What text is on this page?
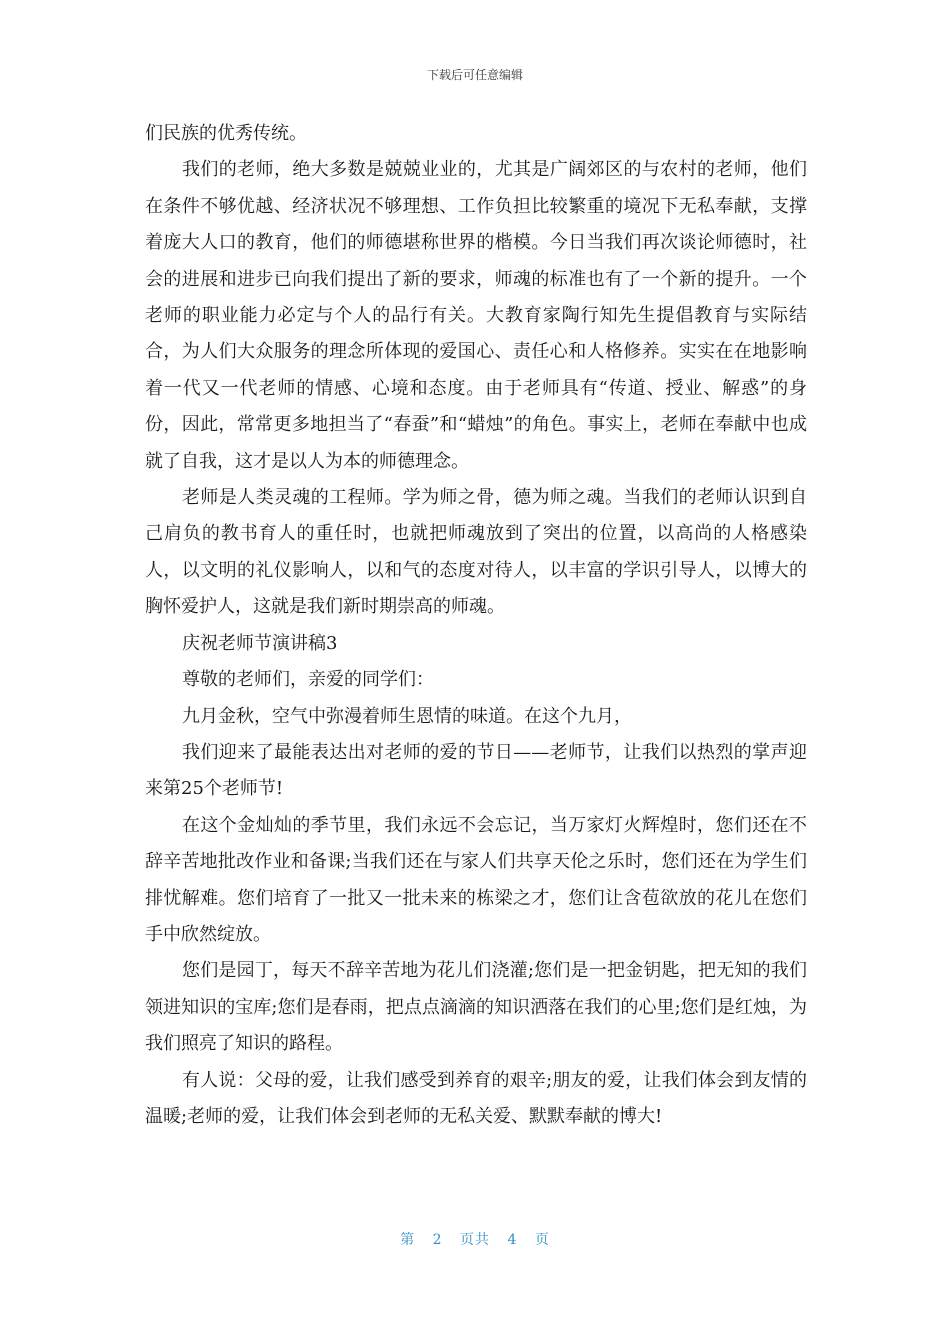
下载后可任意编辑

们民族的优秀传统。

我们的老师，绝大多数是兢兢业业的，尤其是广阔郊区的与农村的老师，他们在条件不够优越、经济状况不够理想、工作负担比较繁重的境况下无私奉献，支撑着庞大人口的教育，他们的师德堪称世界的楷模。今日当我们再次谈论师德时，社会的进展和进步已向我们提出了新的要求，师魂的标准也有了一个新的提升。一个老师的职业能力必定与个人的品行有关。大教育家陶行知先生提倡教育与实际结合，为人们大众服务的理念所体现的爱国心、责任心和人格修养。实实在在地影响着一代又一代老师的情感、心境和态度。由于老师具有“传道、授业、解惑”的身份，因此，常常更多地担当了“春蚕”和“蜡烛”的角色。事实上，老师在奉献中也成就了自我，这才是以人为本的师德理念。

老师是人类灵魂的工程师。学为师之骨，德为师之魂。当我们的老师认识到自己肩负的教书育人的重任时，也就把师魂放到了突出的位置，以高尚的人格感染人，以文明的礼仪影响人，以和气的态度对待人，以丰富的学识引导人，以博大的胸怀爱护人，这就是我们新时期崇高的师魂。

庆祝老师节演讲稿3

尊敬的老师们，亲爱的同学们：

九月金秋，空气中弥漫着师生恩情的味道。在这个九月，

我们迎来了最能表达出对老师的爱的节日——老师节，让我们以热烈的掌声迎来第25个老师节!

在这个金灿灿的季节里，我们永远不会忘记，当万家灯火辉煌时，您们还在不辞辛苦地批改作业和备课;当我们还在与家人们共享天伦之乐时，您们还在为学生们排忧解难。您们培育了一批又一批未来的栋梁之才，您们让含苞欲放的花儿在您们手中欣然绽放。

您们是园丁，每天不辞辛苦地为花儿们浇灌;您们是一把金钥匙，把无知的我们领进知识的宝库;您们是春雨，把点点滴滴的知识洒落在我们的心里;您们是红烛，为我们照亮了知识的路程。

有人说：父母的爱，让我们感受到养育的艰辛;朋友的爱，让我们体会到友情的温暖;老师的爱，让我们体会到老师的无私关爱、默默奉献的博大!

第 2 页共 4 页
